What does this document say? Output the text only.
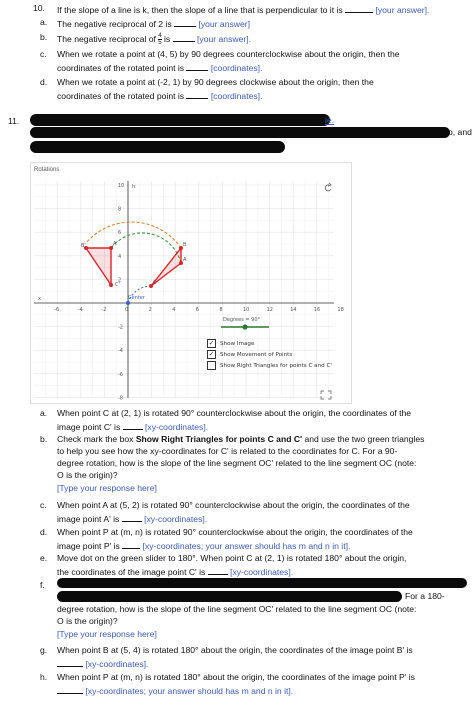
10. If the slope of a line is k, then the slope of a line that is perpendicular to it is	[your answer].
a. The negative reciprocal of 2 is	[your answer]
b. The negative reciprocal of $\frac{4}{5}$ is	[your answer].
c. When we rotate a point at (4, 5) by 90 degrees counterclockwise about the origin, then the
coordinates of the rotated point is	[coordinates].
d. When we rotate a point at (-2, 1) by 90 degrees clockwise about the origin, then the
coordinates of the rotated point is	[coordinates].
11.	ie.
o, and
Rotations
h
x
-6	-4	-2	0	2	4	6	8	10	12	14	16	18
10
8
6
4
2
-2
-4
-6
-8
B'	A'
C'
A
B
C
Center
Degrees = 90°
✓ Show Image
✓ Show Movement of Points
Show Right Triangles for points C and C'
a. When point C at (2, 1) is rotated 90° counterclockwise about the origin, the coordinates of the
image point C' is	[xy-coordinates].
b. Check mark the box Show Right Triangles for points C and C' and use the two green triangles
to help you see how the xy-coordinates for C' is related to the coordinates for C. For a 90-
degree rotation, how is the slope of the line segment OC' related to the line segment OC (note:
O is the origin)?
[Type your response here]
c. When point A at (5, 2) is rotated 90° counterclockwise about the origin, the coordinates of the
image point A' is	[xy-coordinates].
d. When point P at (m, n) is rotated 90° counterclockwise about the origin, the coordinates of the
image point P' is	[xy-coordinates; your answer should has m and n in it].
e. Move dot on the green slider to 180°. When point C at (2, 1) is rotated 180° about the origin,
the coordinates of the image point C' is	[xy-coordinates].
f.
For a 180-
degree rotation, how is the slope of the line segment OC' related to the line segment OC (note:
O is the origin)?
[Type your response here]
g. When point B at (5, 4) is rotated 180° about the origin, the coordinates of the image point B' is
[xy-coordinates].
h. When point P at (m, n) is rotated 180° about the origin, the coordinates of the image point P' is
[xy-coordinates; your answer should has m and n in it].
